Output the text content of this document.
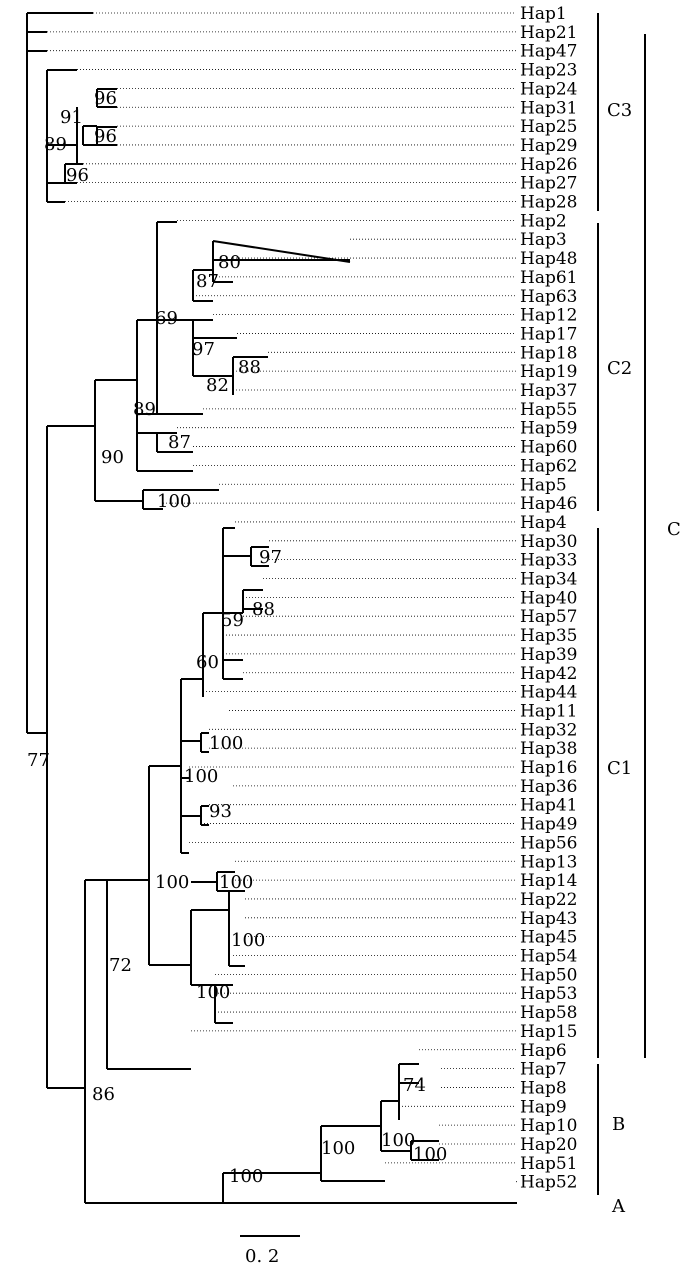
Hap1
Hap21
Hap47
Hap23
Hap24
Hap31
Hap25
Hap29
Hap26
Hap27
Hap28
Hap2
Hap3
Hap48
Hap61
Hap63
Hap12
Hap17
Hap18
Hap19
Hap37
Hap55
Hap59
Hap60
Hap62
Hap5
Hap46
Hap4
Hap30
Hap33
Hap34
Hap40
Hap57
Hap35
Hap39
Hap42
Hap44
Hap11
Hap32
Hap38
Hap16
Hap36
Hap41
Hap49
Hap56
Hap13
Hap14
Hap22
Hap43
Hap45
Hap54
Hap50
Hap53
Hap58
Hap15
Hap6
Hap7
Hap8
Hap9
Hap10
Hap20
Hap51
Hap52
96
91
96
89
96
80
87
69
97
88
82
89
87
90
100
97
88
59
60
100
100
93
100 100
100
100
72
77
86	74
100
100	100
100
C3
C2
C1
B
A
C
0. 2
